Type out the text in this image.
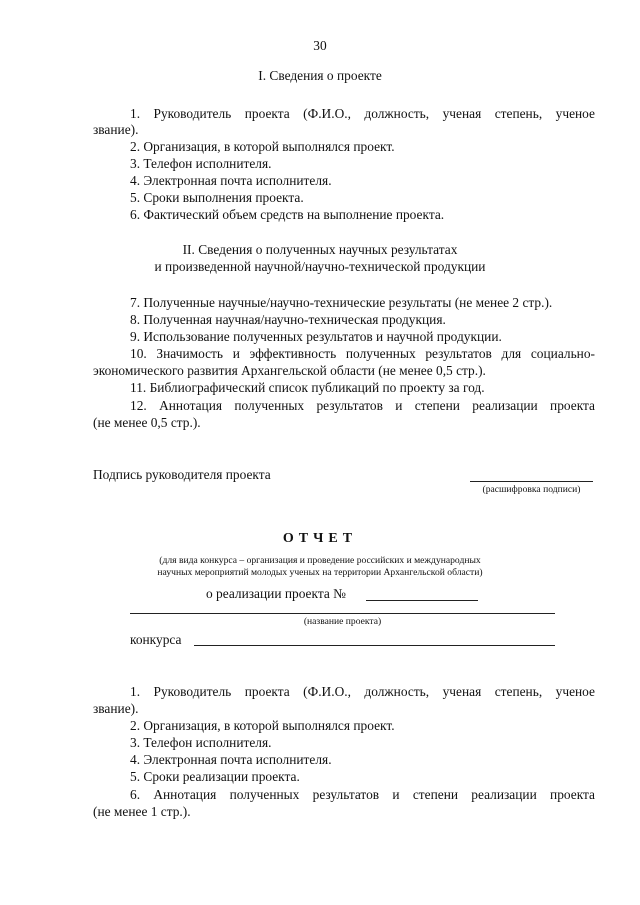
30
I. Сведения о проекте
1. Руководитель проекта (Ф.И.О., должность, ученая степень, ученое
звание).
2. Организация, в которой выполнялся проект.
3. Телефон исполнителя.
4. Электронная почта исполнителя.
5. Сроки выполнения проекта.
6. Фактический объем средств на выполнение проекта.
II. Сведения о полученных научных результатах
и произведенной научной/научно-технической продукции
7. Полученные научные/научно-технические результаты (не менее 2 стр.).
8. Полученная научная/научно-техническая продукция.
9. Использование полученных результатов и научной продукции.
10. Значимость и эффективность полученных результатов для социально-
экономического развития Архангельской области (не менее 0,5 стр.).
11. Библиографический список публикаций по проекту за год.
12. Аннотация полученных результатов и степени реализации проекта
(не менее 0,5 стр.).
Подпись руководителя проекта
(расшифровка подписи)
ОТЧЕТ
(для вида конкурса – организация и проведение российских и международных
научных мероприятий молодых ученых на территории Архангельской области)
о реализации проекта №
(название проекта)
конкурса
1. Руководитель проекта (Ф.И.О., должность, ученая степень, ученое
звание).
2. Организация, в которой выполнялся проект.
3. Телефон исполнителя.
4. Электронная почта исполнителя.
5. Сроки реализации проекта.
6. Аннотация полученных результатов и степени реализации проекта
(не менее 1 стр.).
